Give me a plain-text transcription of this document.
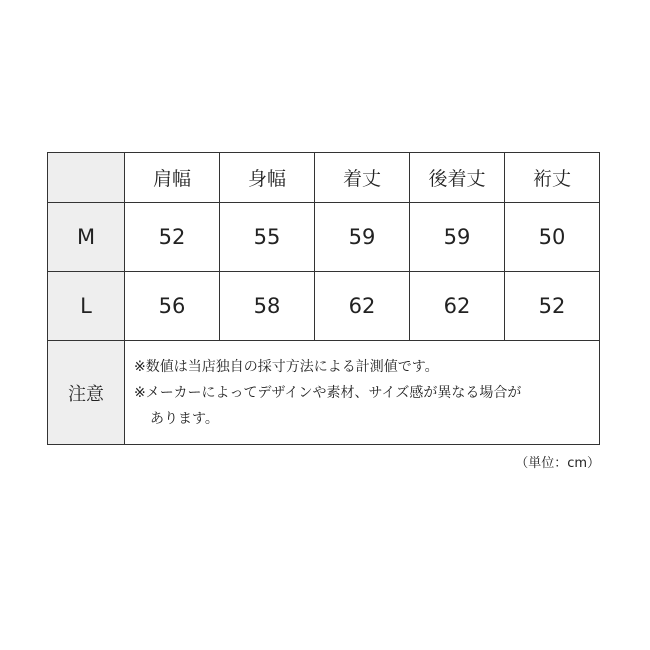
	肩幅	身幅	着丈	後着丈	裄丈
M	52	55	59	59	50
L	56	58	62	62	52
注意	※数値は当店独自の採寸方法による計測値です。
※メーカーによってデザインや素材、サイズ感が異なる場合が
あります。				
（単位：cm）
